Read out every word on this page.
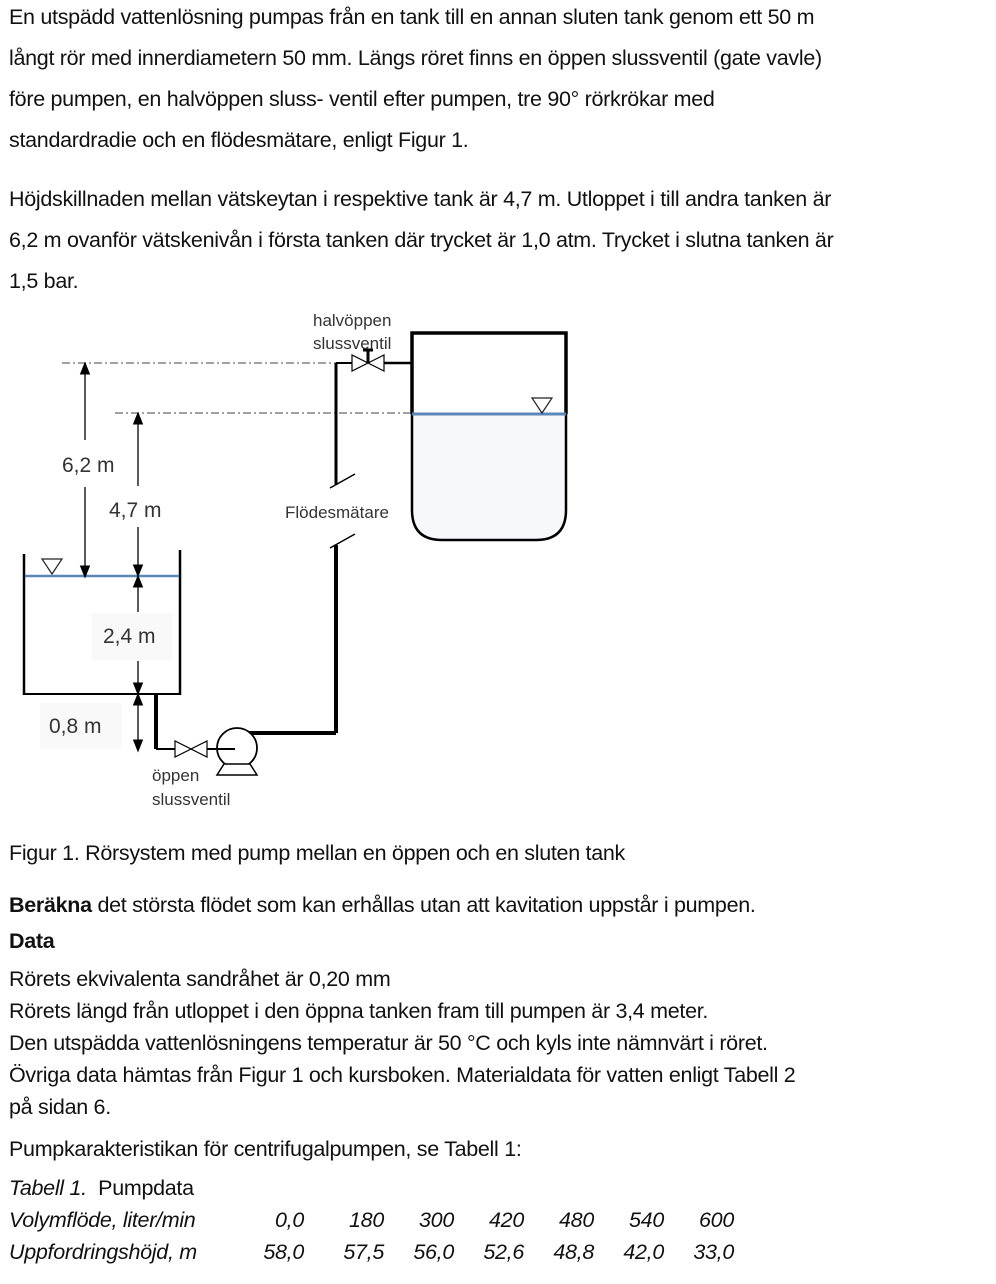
En utspädd vattenlösning pumpas från en tank till en annan sluten tank genom ett 50 m
långt rör med innerdiametern 50 mm. Längs röret finns en öppen slussventil (gate vavle)
före pumpen, en halvöppen sluss- ventil efter pumpen, tre 90° rörkrökar med
standardradie och en flödesmätare, enligt Figur 1.
Höjdskillnaden mellan vätskeytan i respektive tank är 4,7 m. Utloppet i till andra tanken är
6,2 m ovanför vätskenivån i första tanken där trycket är 1,0 atm. Trycket i slutna tanken är
1,5 bar.
halvöppen
slussventil
Flödesmätare
öppen
slussventil
6,2 m
4,7 m
2,4 m
0,8 m
Figur 1. Rörsystem med pump mellan en öppen och en sluten tank
Beräkna det största flödet som kan erhållas utan att kavitation uppstår i pumpen.
Data
Rörets ekvivalenta sandråhet är 0,20 mm
Rörets längd från utloppet i den öppna tanken fram till pumpen är 3,4 meter.
Den utspädda vattenlösningens temperatur är 50 °C och kyls inte nämnvärt i röret.
Övriga data hämtas från Figur 1 och kursboken. Materialdata för vatten enligt Tabell 2
på sidan 6.
Pumpkarakteristikan för centrifugalpumpen, se Tabell 1:
Tabell 1. Pumpdata
Volymflöde, liter/min	0,0	180	300	420	480	540	600
Uppfordringshöjd, m	58,0	57,5	56,0	52,6	48,8	42,0	33,0
